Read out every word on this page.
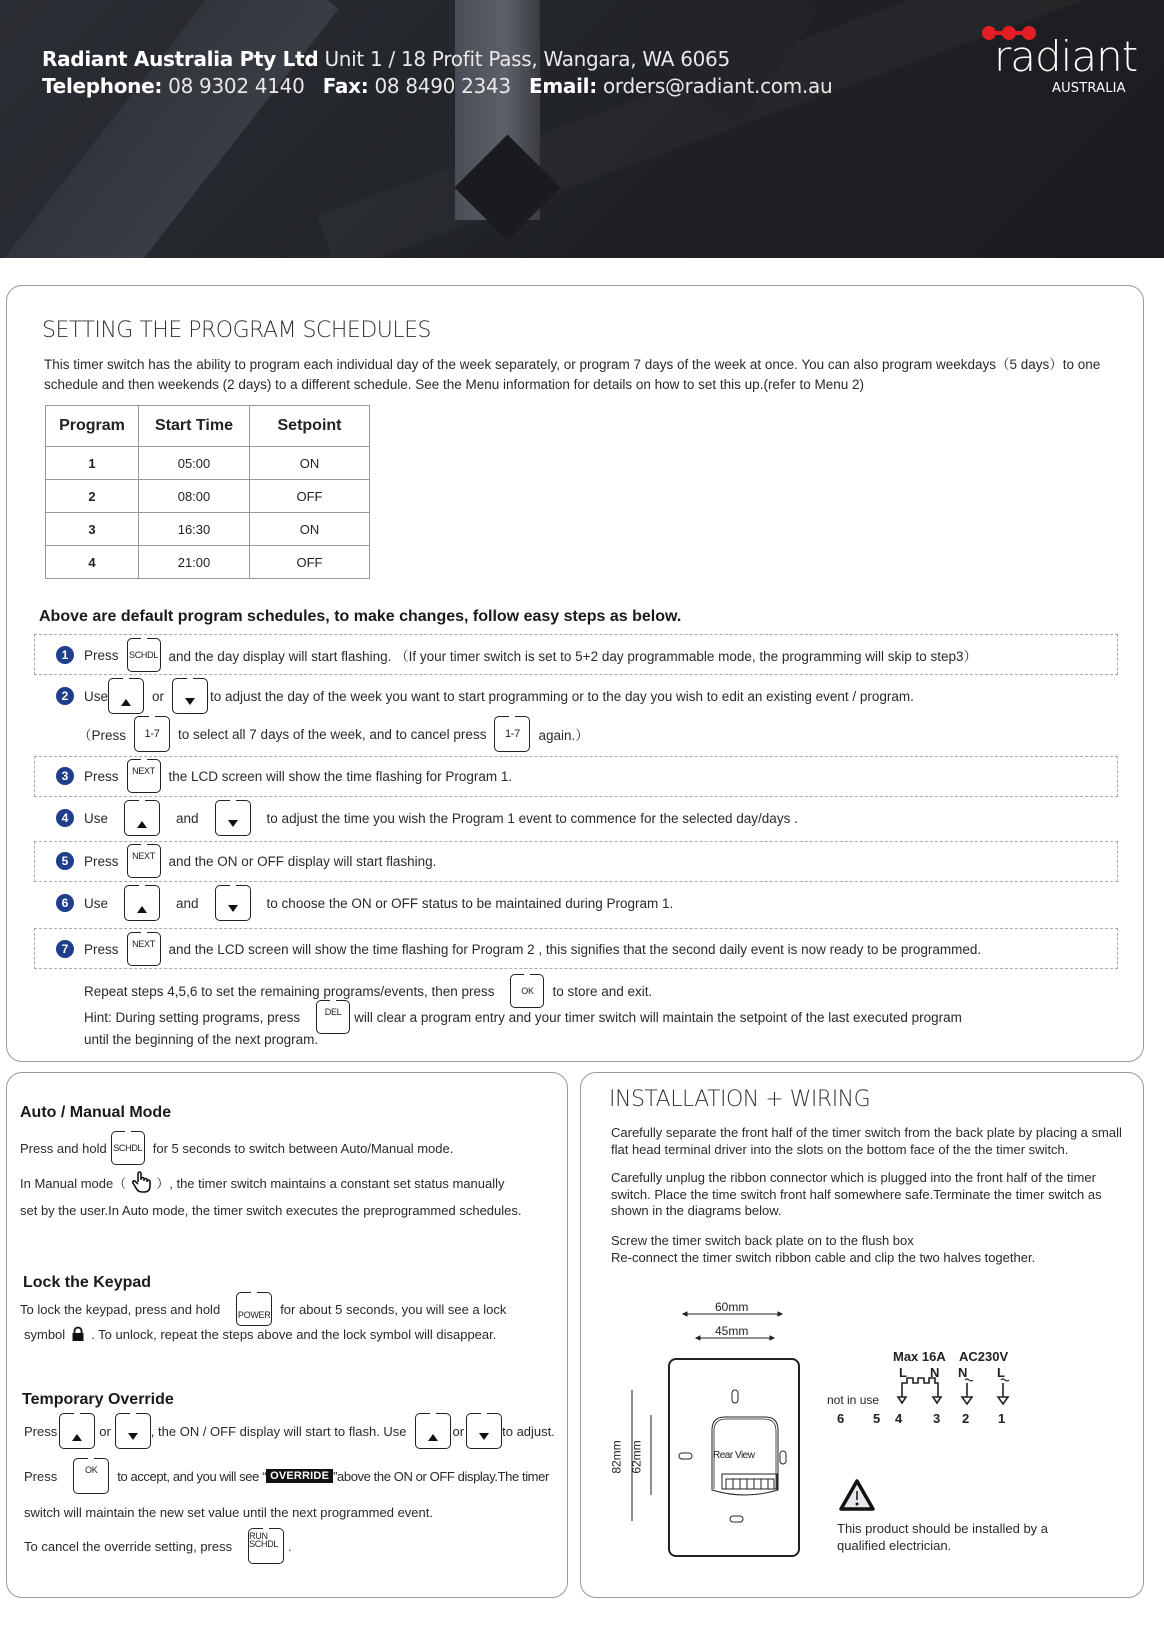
Radiant Australia Pty Ltd Unit 1 / 18 Profit Pass, Wangara, WA 6065
Telephone: 08 9302 4140 Fax: 08 8490 2343 Email: orders@radiant.com.au
radiant
AUSTRALIA
SETTING THE PROGRAM SCHEDULES
This timer switch has the ability to program each individual day of the week separately, or program 7 days of the week at once. You can also program weekdays（5 days）to one schedule and then weekends (2 days) to a different schedule. See the Menu information for details on how to set this up.(refer to Menu 2)
Program	Start Time	Setpoint
1	05:00	ON
2	08:00	OFF
3	16:30	ON
4	21:00	OFF
Above are default program schedules, to make changes, follow easy steps as below.
1	Press SCHDL and the day display will start flashing. （If your timer switch is set to 5+2 day programmable mode, the programming will skip to step3）
2	Use	or	to adjust the day of the week you want to start programming or to the day you wish to edit an existing event / program.
（Press 1-7 to select all 7 days of the week, and to cancel press 1-7 again.）
3	Press NEXT the LCD screen will show the time flashing for Program 1.
4	Use	and	to adjust the time you wish the Program 1 event to commence for the selected day/days .
5	Press NEXT and the ON or OFF display will start flashing.
6	Use	and	to choose the ON or OFF status to be maintained during Program 1.
7	Press NEXT and the LCD screen will show the time flashing for Program 2 , this signifies that the second daily event is now ready to be programmed.
Repeat steps 4,5,6 to set the remaining programs/events, then press	OK to store and exit.
Hint: During setting programs, press	DEL will clear a program entry and your timer switch will maintain the setpoint of the last executed program
until the beginning of the next program.
Auto / Manual Mode
Press and hold SCHDL for 5 seconds to switch between Auto/Manual mode.
In Manual mode（ ）, the timer switch maintains a constant set status manually
set by the user.In Auto mode, the timer switch executes the preprogrammed schedules.
Lock the Keypad
To lock the keypad, press and hold POWER for about 5 seconds, you will see a lock
symbol . To unlock, repeat the steps above and the lock symbol will disappear.
Temporary Override
Press	or	, the ON / OFF display will start to flash. Use	or	to adjust.
Press	OK to accept, and you will see “ OVERRIDE ”above the ON or OFF display.The timer
switch will maintain the new set value until the next programmed event.
To cancel the override setting, press
RUN
SCHDL .
INSTALLATION + WIRING
Carefully separate the front half of the timer switch from the back plate by placing a small flat head terminal driver into the slots on the bottom face of the the timer switch.
Carefully unplug the ribbon connector which is plugged into the front half of the timer switch. Place the time switch front half somewhere safe.Terminate the timer switch as shown in the diagrams below.
Screw the timer switch back plate on to the flush box
Re-connect the timer switch ribbon cable and clip the two halves together.
60mm
45mm
82mm 62mm	Rear View
Max 16A AC230V
L N N L
not in use
6 5 4 3 2 1
This product should be installed by a qualified electrician.
